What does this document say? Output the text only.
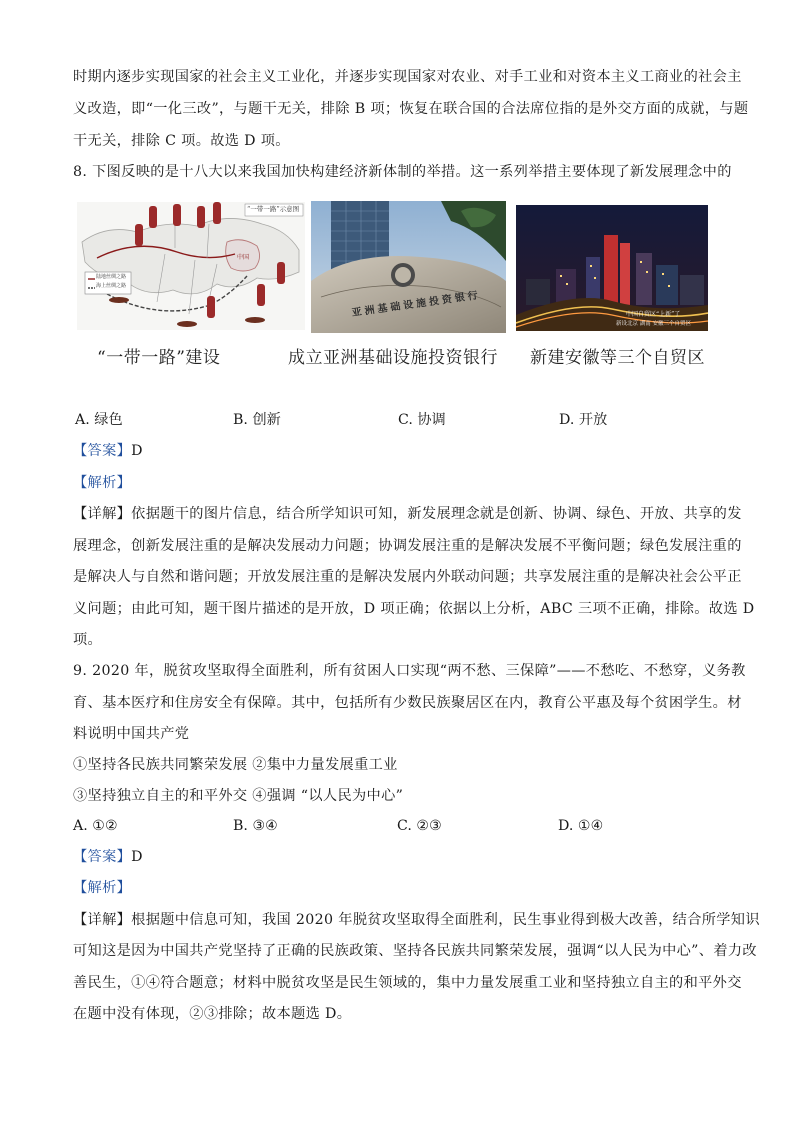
时期内逐步实现国家的社会主义工业化，并逐步实现国家对农业、对手工业和对资本主义工商业的社会主
义改造，即“一化三改”，与题干无关，排除 B 项；恢复在联合国的合法席位指的是外交方面的成就，与题
干无关，排除 C 项。故选 D 项。
8. 下图反映的是十八大以来我国加快构建经济新体制的举措。这一系列举措主要体现了新发展理念中的
“一带一路”示意图
陆地丝绸之路
海上丝绸之路
中国
亚洲基础设施投资银行	中国自贸区“上新”了
新设北京 湖南 安徽三个自贸区
“一带一路”建设	成立亚洲基础设施投资银行 新建安徽等三个自贸区
A. 绿色	B. 创新	C. 协调	D. 开放
【答案】D
【解析】
【详解】依据题干的图片信息，结合所学知识可知，新发展理念就是创新、协调、绿色、开放、共享的发
展理念，创新发展注重的是解决发展动力问题；协调发展注重的是解决发展不平衡问题；绿色发展注重的
是解决人与自然和谐问题；开放发展注重的是解决发展内外联动问题；共享发展注重的是解决社会公平正
义问题；由此可知，题干图片描述的是开放，D 项正确；依据以上分析，ABC 三项不正确，排除。故选 D
项。
9. 2020 年，脱贫攻坚取得全面胜利，所有贫困人口实现“两不愁、三保障”——不愁吃、不愁穿，义务教
育、基本医疗和住房安全有保障。其中，包括所有少数民族聚居区在内，教育公平惠及每个贫困学生。材
料说明中国共产党
①坚持各民族共同繁荣发展 ②集中力量发展重工业
③坚持独立自主的和平外交 ④强调 “以人民为中心”
A. ①②	B. ③④	C. ②③	D. ①④
【答案】D
【解析】
【详解】根据题中信息可知，我国 2020 年脱贫攻坚取得全面胜利，民生事业得到极大改善，结合所学知识
可知这是因为中国共产党坚持了正确的民族政策、坚持各民族共同繁荣发展，强调“以人民为中心”、着力改
善民生，①④符合题意；材料中脱贫攻坚是民生领域的，集中力量发展重工业和坚持独立自主的和平外交
在题中没有体现，②③排除；故本题选 D。
